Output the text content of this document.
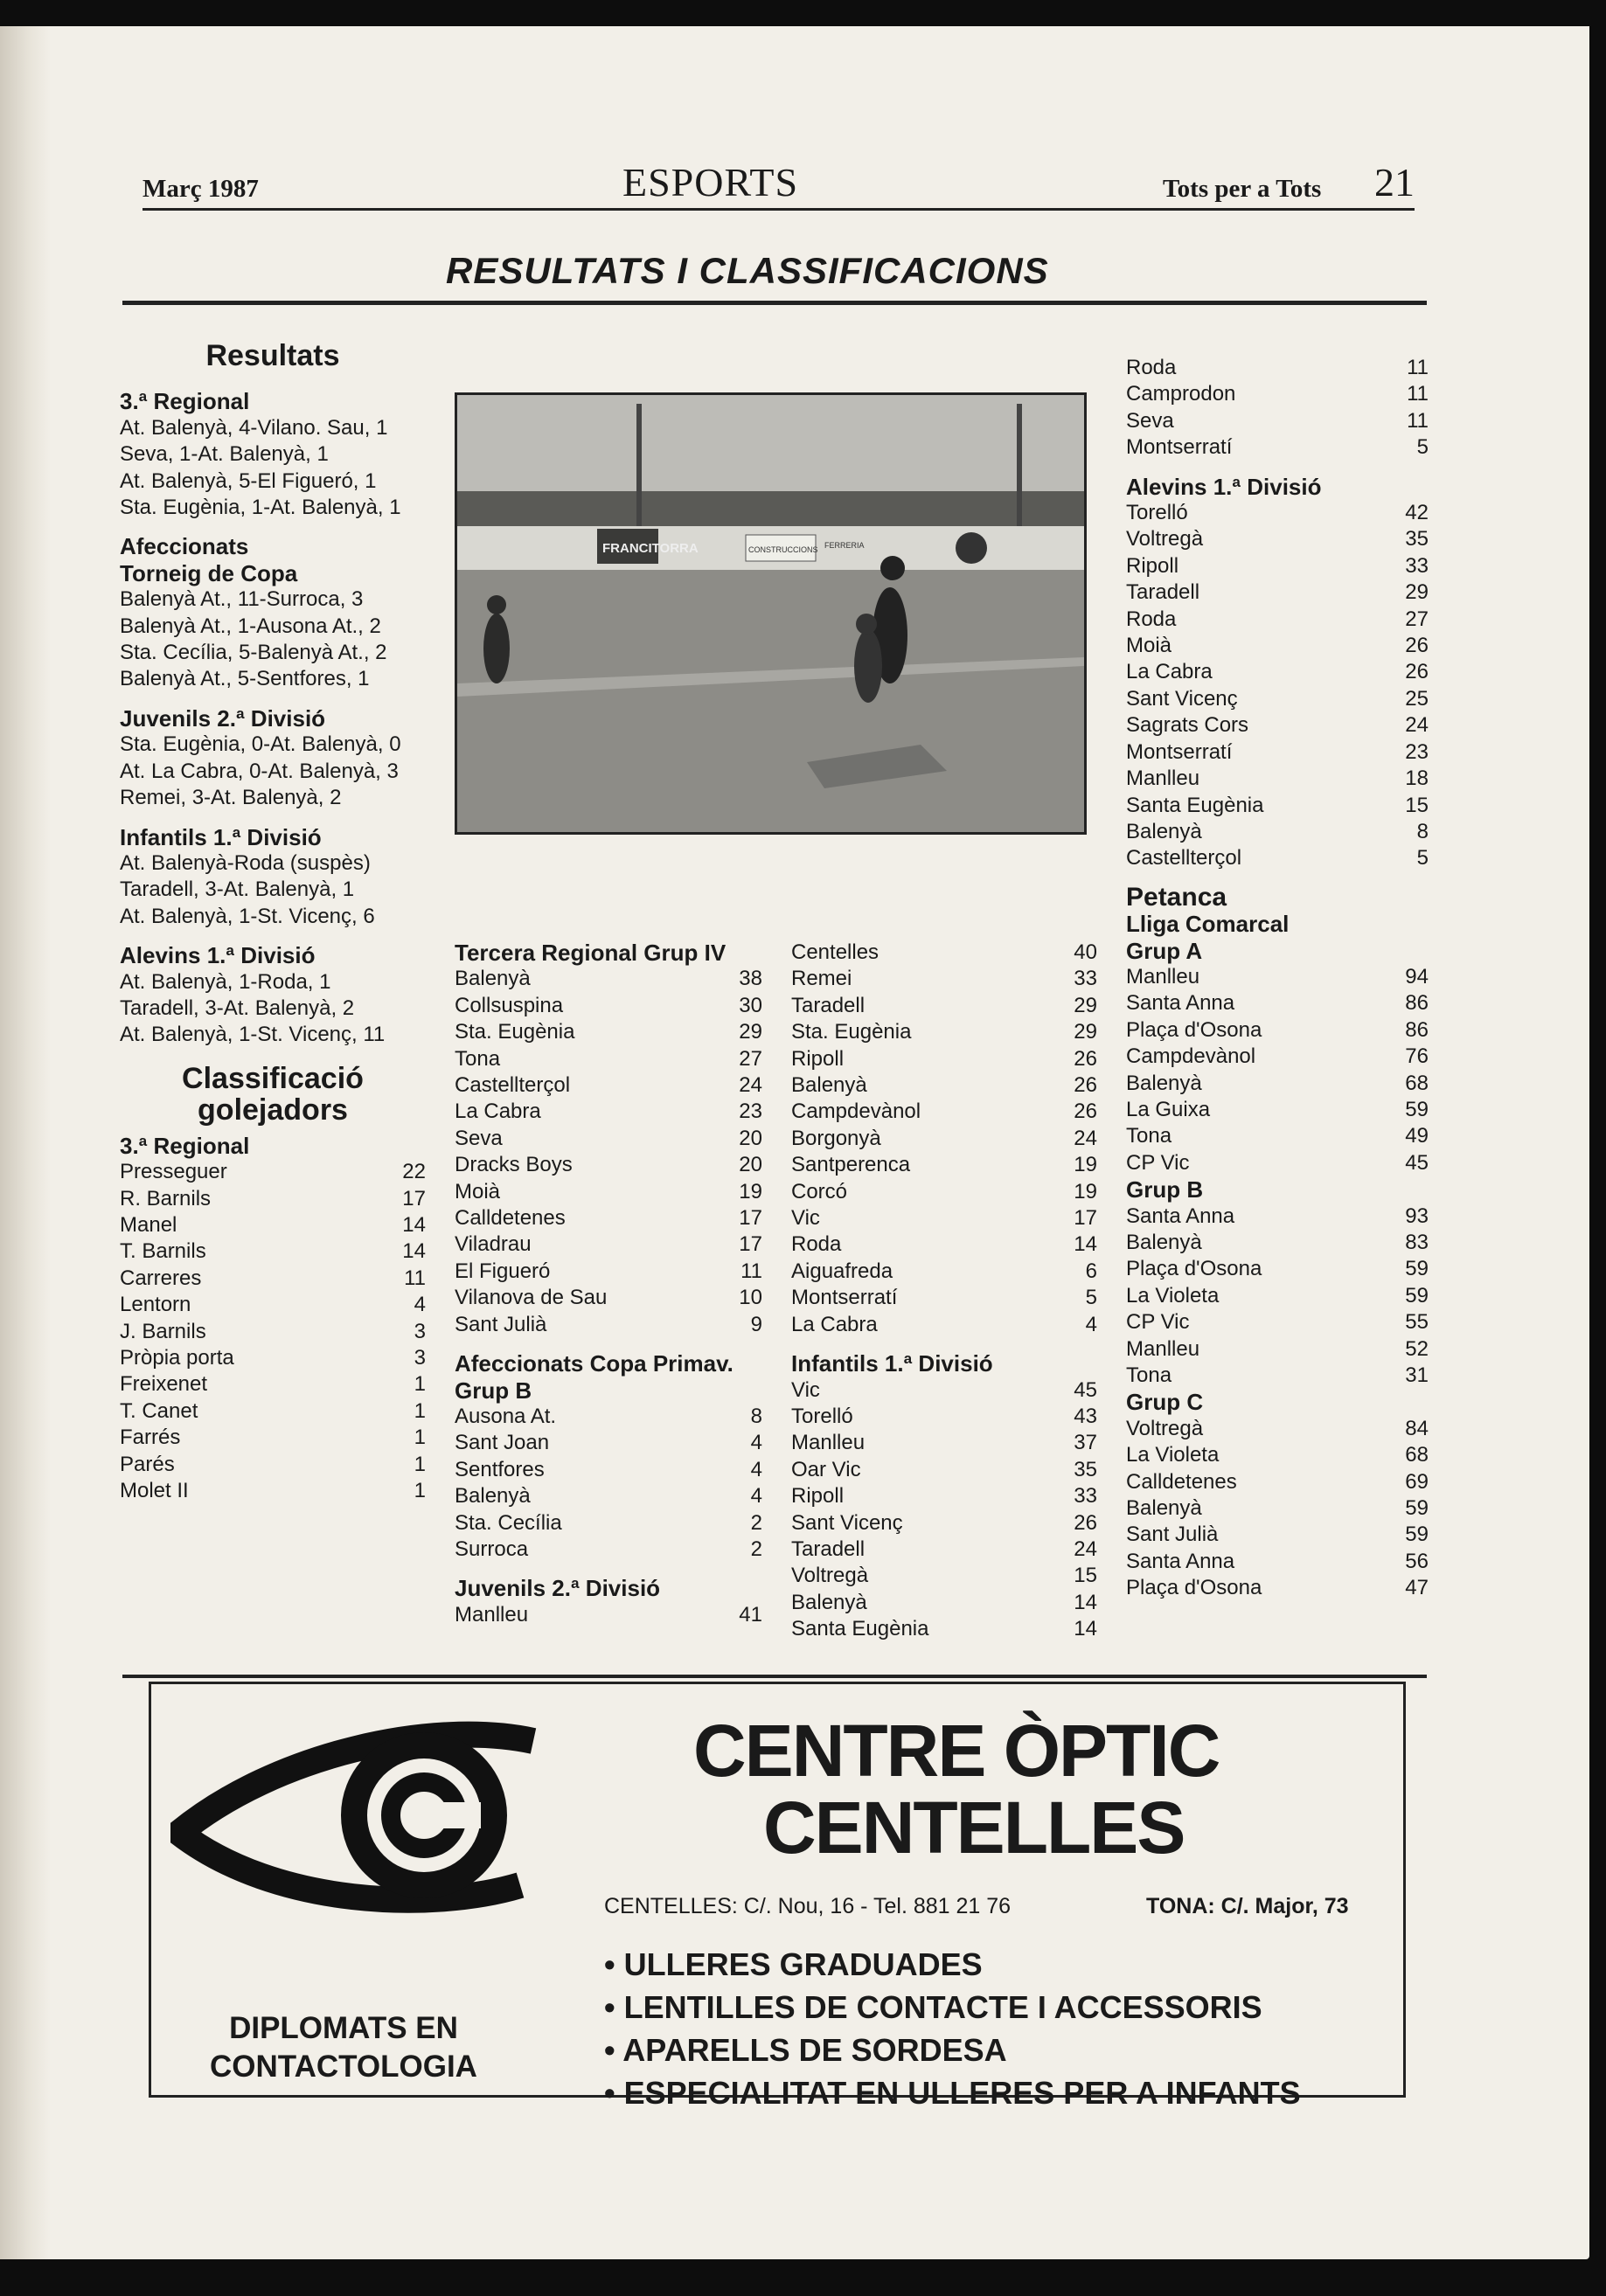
Març 1987	ESPORTS	Tots per a Tots 21
RESULTATS I CLASSIFICACIONS
Resultats
3.ª Regional
At. Balenyà, 4-Vilano. Sau, 1
Seva, 1-At. Balenyà, 1
At. Balenyà, 5-El Figueró, 1
Sta. Eugènia, 1-At. Balenyà, 1
Afeccionats
Torneig de Copa
Balenyà At., 11-Surroca, 3
Balenyà At., 1-Ausona At., 2
Sta. Cecília, 5-Balenyà At., 2
Balenyà At., 5-Sentfores, 1
Juvenils 2.ª Divisió
Sta. Eugènia, 0-At. Balenyà, 0
At. La Cabra, 0-At. Balenyà, 3
Remei, 3-At. Balenyà, 2
Infantils 1.ª Divisió
At. Balenyà-Roda (suspès)
Taradell, 3-At. Balenyà, 1
At. Balenyà, 1-St. Vicenç, 6
Alevins 1.ª Divisió
At. Balenyà, 1-Roda, 1
Taradell, 3-At. Balenyà, 2
At. Balenyà, 1-St. Vicenç, 11
Classificació
golejadors
3.ª Regional
Presseguer	22
R. Barnils	17
Manel	14
T. Barnils	14
Carreres	11
Lentorn	4
J. Barnils	3
Pròpia porta	3
Freixenet	1
T. Canet	1
Farrés	1
Parés	1
Molet II	1
FRANCITORRA	CONSTRUCCIONS FERRERIA
Tercera Regional Grup IV
Balenyà	38
Collsuspina	30
Sta. Eugènia	29
Tona	27
Castellterçol	24
La Cabra	23
Seva	20
Dracks Boys	20
Moià	19
Calldetenes	17
Viladrau	17
El Figueró	11
Vilanova de Sau	10
Sant Julià	9
Afeccionats Copa Primav.
Grup B
Ausona At.	8
Sant Joan	4
Sentfores	4
Balenyà	4
Sta. Cecília	2
Surroca	2
Juvenils 2.ª Divisió
Manlleu	41
Centelles	40
Remei	33
Taradell	29
Sta. Eugènia	29
Ripoll	26
Balenyà	26
Campdevànol	26
Borgonyà	24
Santperenca	19
Corcó	19
Vic	17
Roda	14
Aiguafreda	6
Montserratí	5
La Cabra	4
Infantils 1.ª Divisió
Vic	45
Torelló	43
Manlleu	37
Oar Vic	35
Ripoll	33
Sant Vicenç	26
Taradell	24
Voltregà	15
Balenyà	14
Santa Eugènia	14
Roda	11
Camprodon	11
Seva	11
Montserratí	5
Alevins 1.ª Divisió
Torelló	42
Voltregà	35
Ripoll	33
Taradell	29
Roda	27
Moià	26
La Cabra	26
Sant Vicenç	25
Sagrats Cors	24
Montserratí	23
Manlleu	18
Santa Eugènia	15
Balenyà	8
Castellterçol	5
Petanca
Lliga Comarcal
Grup A
Manlleu	94
Santa Anna	86
Plaça d'Osona	86
Campdevànol	76
Balenyà	68
La Guixa	59
Tona	49
CP Vic	45
Grup B
Santa Anna	93
Balenyà	83
Plaça d'Osona	59
La Violeta	59
CP Vic	55
Manlleu	52
Tona	31
Grup C
Voltregà	84
La Violeta	68
Calldetenes	69
Balenyà	59
Sant Julià	59
Santa Anna	56
Plaça d'Osona	47
CENTRE ÒPTIC
CENTELLES
CENTELLES: C/. Nou, 16 - Tel. 881 21 76	TONA: C/. Major, 73
• ULLERES GRADUADES
• LENTILLES DE CONTACTE I ACCESSORIS
• APARELLS DE SORDESA
• ESPECIALITAT EN ULLERES PER A INFANTS
DIPLOMATS EN
CONTACTOLOGIA
